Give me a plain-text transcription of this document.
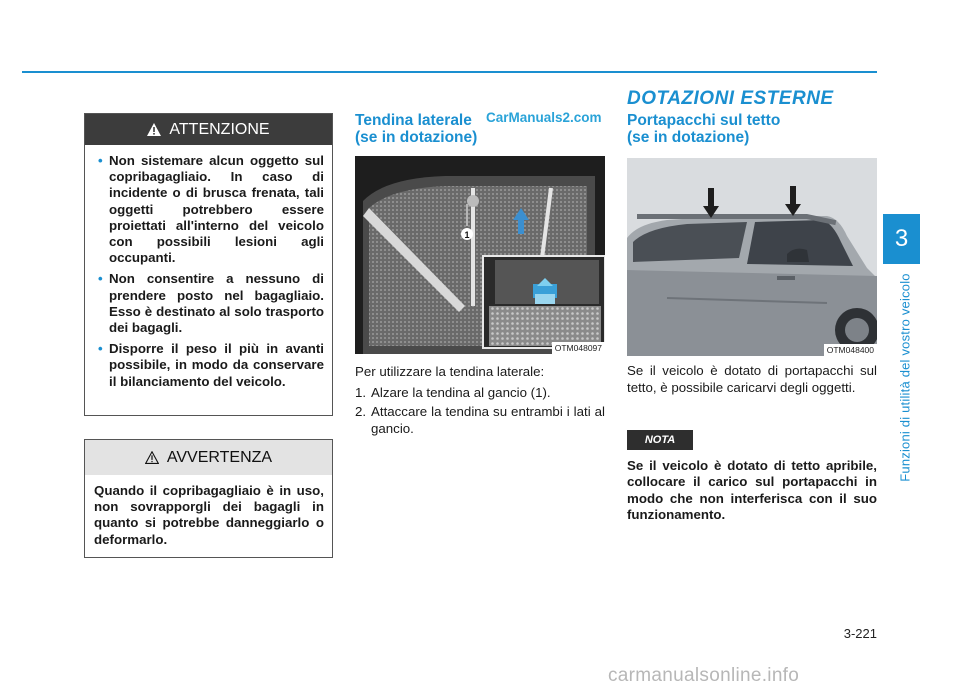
3
Funzioni di utilità del vostro veicolo
ATTENZIONE
• Non sistemare alcun oggetto sul copribagagliaio. In caso di incidente o di brusca frenata, tali oggetti potrebbero essere proiettati all'interno del veicolo con possibili lesioni agli occupanti.
• Non consentire a nessuno di prendere posto nel bagagliaio. Esso è destinato al solo trasporto dei bagagli.
• Disporre il peso il più in avanti possibile, in modo da conservare il bilanciamento del veicolo.
AVVERTENZA

Quando il copribagagliaio è in uso, non sovrapporgli dei bagagli in quanto si potrebbe danneggiarlo o deformarlo.

Tendina laterale
(se in dotazione)
CarManuals2.com
1
OTM048097

Per utilizzare la tendina laterale:

1. Alzare la tendina al gancio (1).
2. Attaccare la tendina su entrambi i lati al gancio.
DOTAZIONI ESTERNE
Portapacchi sul tetto
(se in dotazione)
OTM048400
Se il veicolo è dotato di portapacchi sul tetto, è possibile caricarvi degli oggetti.
NOTA
Se il veicolo è dotato di tetto apribile, collocare il carico sul portapacchi in modo che non interferisca con il suo funzionamento.
3-221
carmanualsonline.info
